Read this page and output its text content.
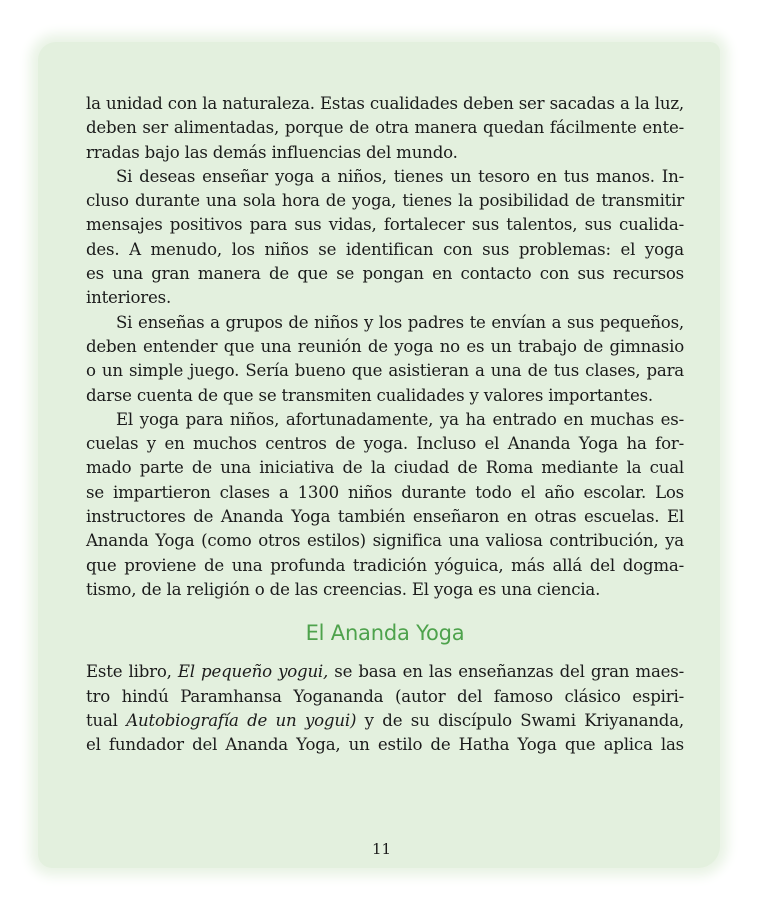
la unidad con la naturaleza. Estas cualidades deben ser sacadas a la luz,
deben ser alimentadas, porque de otra manera quedan fácilmente ente-
rradas bajo las demás influencias del mundo.
Si deseas enseñar yoga a niños, tienes un tesoro en tus manos. In-
cluso durante una sola hora de yoga, tienes la posibilidad de transmitir
mensajes positivos para sus vidas, fortalecer sus talentos, sus cualida-
des. A menudo, los niños se identifican con sus problemas: el yoga
es una gran manera de que se pongan en contacto con sus recursos
interiores.
Si enseñas a grupos de niños y los padres te envían a sus pequeños,
deben entender que una reunión de yoga no es un trabajo de gimnasio
o un simple juego. Sería bueno que asistieran a una de tus clases, para
darse cuenta de que se transmiten cualidades y valores importantes.
El yoga para niños, afortunadamente, ya ha entrado en muchas es-
cuelas y en muchos centros de yoga. Incluso el Ananda Yoga ha for-
mado parte de una iniciativa de la ciudad de Roma mediante la cual
se impartieron clases a 1300 niños durante todo el año escolar. Los
instructores de Ananda Yoga también enseñaron en otras escuelas. El
Ananda Yoga (como otros estilos) significa una valiosa contribución, ya
que proviene de una profunda tradición yóguica, más allá del dogma-
tismo, de la religión o de las creencias. El yoga es una ciencia.
El Ananda Yoga
Este libro, El pequeño yogui, se basa en las enseñanzas del gran maes-
tro hindú Paramhansa Yogananda (autor del famoso clásico espiri-
tual Autobiografía de un yogui) y de su discípulo Swami Kriyananda,
el fundador del Ananda Yoga, un estilo de Hatha Yoga que aplica las
11
